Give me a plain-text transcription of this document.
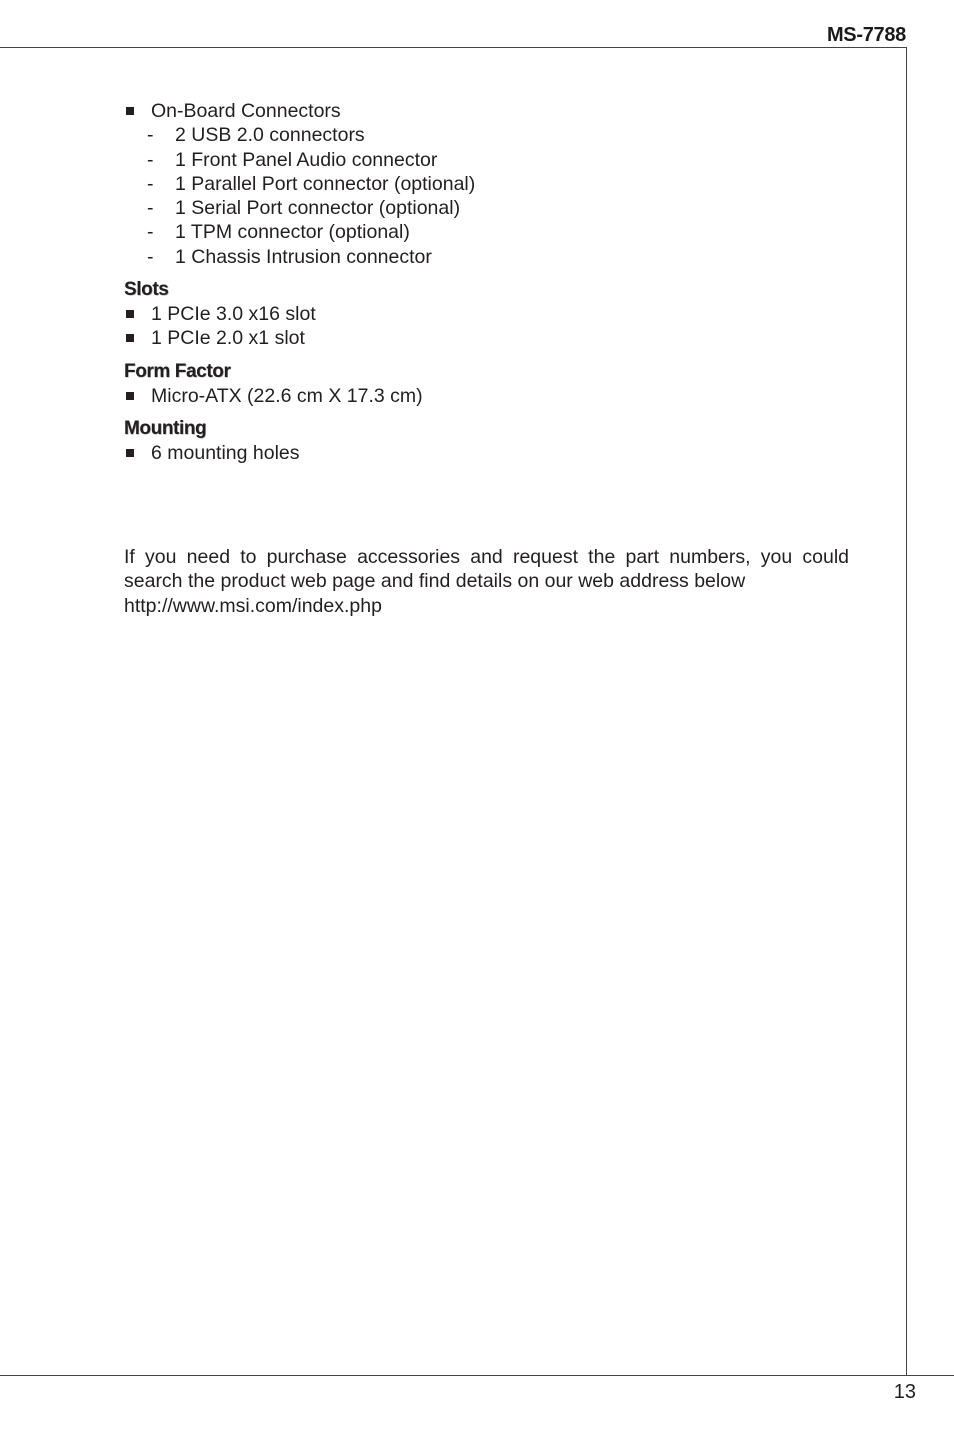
MS-7788
On-Board Connectors
- 2 USB 2.0 connectors
- 1 Front Panel Audio connector
- 1 Parallel Port connector (optional)
- 1 Serial Port connector (optional)
- 1 TPM connector (optional)
- 1 Chassis Intrusion connector
Slots
1 PCIe 3.0 x16 slot
1 PCIe 2.0 x1 slot
Form Factor
Micro-ATX (22.6 cm X 17.3 cm)
Mounting
6 mounting holes
If you need to purchase accessories and request the part numbers, you could
search the product web page and find details on our web address below
http://www.msi.com/index.php
13
